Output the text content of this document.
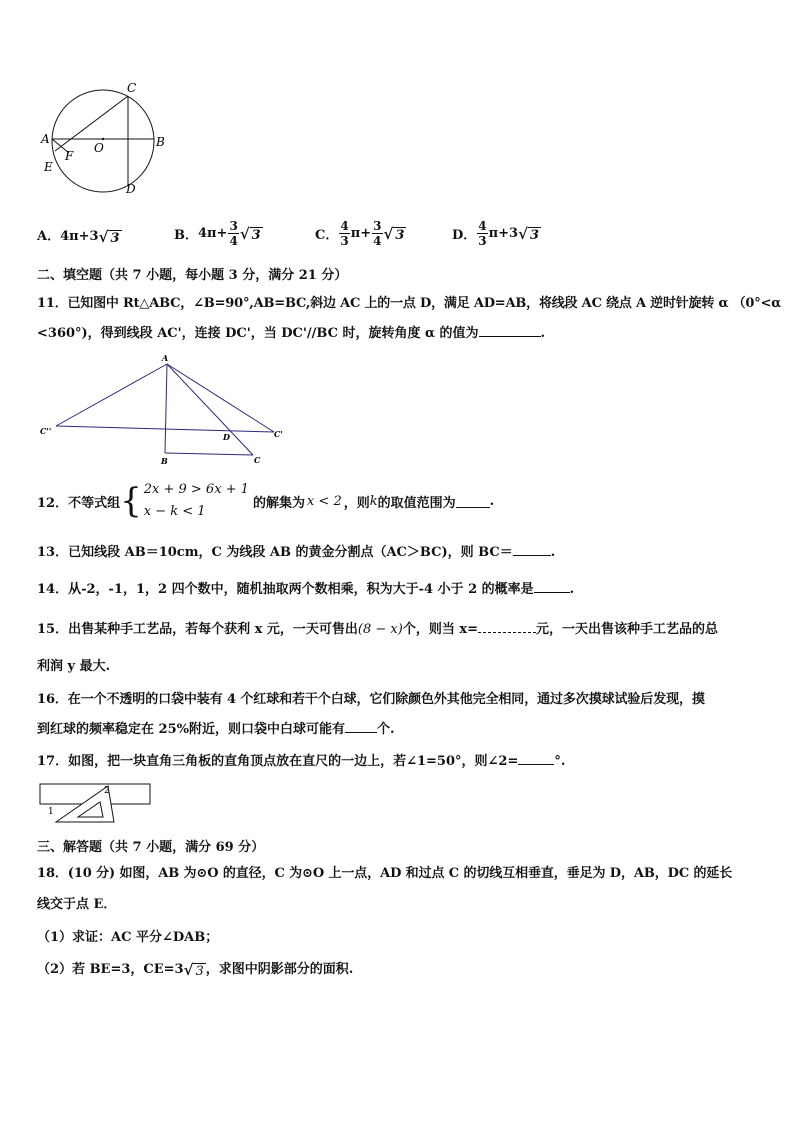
C
A
O	B
F
E
D
A．4π+3√ 3	B．$4\pi+ \frac{3}{4}$ √ 3	C． $\frac{4}{3} \pi+ \frac{3}{4}$ √ 3	D． $\frac{4}{3} \pi+3√$ 3
二、填空题（共 7 小题，每小题 3 分，满分 21 分）
11．已知图中 Rt△ABC，∠B=90°,AB=BC,斜边 AC 上的一点 D，满足 AD=AB，将线段 AC 绕点 A 逆时针旋转 α （0°<α
<360°)，得到线段 AC'，连接 DC'，当 DC'//BC 时，旋转角度 α 的值为	.
A
C''
D	C'
B	C
12．不等式组 { 2x + 9 > 6x + 1
x − k < 1
的解集为 x < 2 ，则 k 的取值范围为	.
13．已知线段 AB＝10cm，C 为线段 AB 的黄金分割点（AC＞BC)，则 BC＝	.
14．从-2，-1，1，2 四个数中，随机抽取两个数相乘，积为大于-4 小于 2 的概率是	.
15．出售某种手工艺品，若每个获利 x 元，一天可售出(8 − x)个，则当 x=	元，一天出售该种手工艺品的总
利润 y 最大.
16．在一个不透明的口袋中装有 4 个红球和若干个白球，它们除颜色外其他完全相同，通过多次摸球试验后发现，摸
到红球的频率稳定在 25%附近，则口袋中白球可能有 个.
17．如图，把一块直角三角板的直角顶点放在直尺的一边上，若∠1=50°，则∠2=	°.
1
2
三、解答题（共 7 小题，满分 69 分）
18．(10 分) 如图，AB 为⊙O 的直径，C 为⊙O 上一点，AD 和过点 C 的切线互相垂直，垂足为 D，AB，DC 的延长
线交于点 E．
（1）求证：AC 平分∠DAB；
（2）若 BE=3，CE=3√ 3 ，求图中阴影部分的面积.
